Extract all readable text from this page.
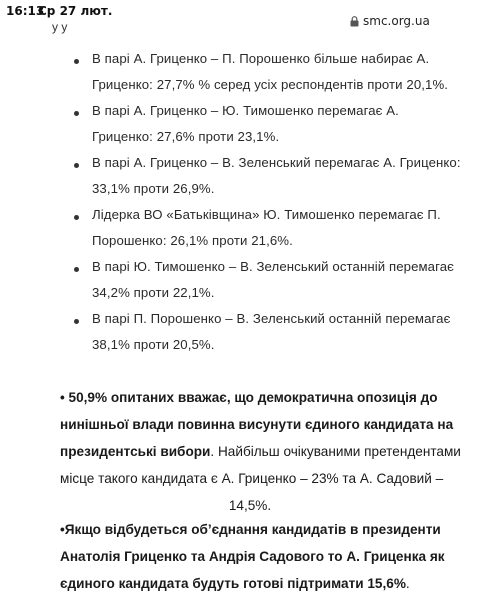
16:13
Ср 27 лют.
smc.org.ua
у у
В парі А. Гриценко – П. Порошенко більше набирає А.
Гриценко: 27,7% % серед усіх респондентів проти 20,1%.
В парі А. Гриценко – Ю. Тимошенко перемагає А.
Гриценко: 27,6% проти 23,1%.
В парі А. Гриценко – В. Зеленський перемагає А. Гриценко:
33,1% проти 26,9%.
Лідерка ВО «Батьківщина» Ю. Тимошенко перемагає П.
Порошенко: 26,1% проти 21,6%.
В парі Ю. Тимошенко – В. Зеленський останній перемагає
34,2% проти 22,1%.
В парі П. Порошенко – В. Зеленський останній перемагає
38,1% проти 20,5%.
• 50,9% опитаних вважає, що демократична опозиція до
нинішньої влади повинна висунути єдиного кандидата на
президентські вибори. Найбільш очікуваними претендентами
місце такого кандидата є А. Гриценко – 23% та А. Садовий –
14,5%.
•Якщо відбудеться об’єднання кандидатів в президенти
Анатолія Гриценко та Андрія Садового то А. Гриценка як
єдиного кандидата будуть готові підтримати 15,6%.
